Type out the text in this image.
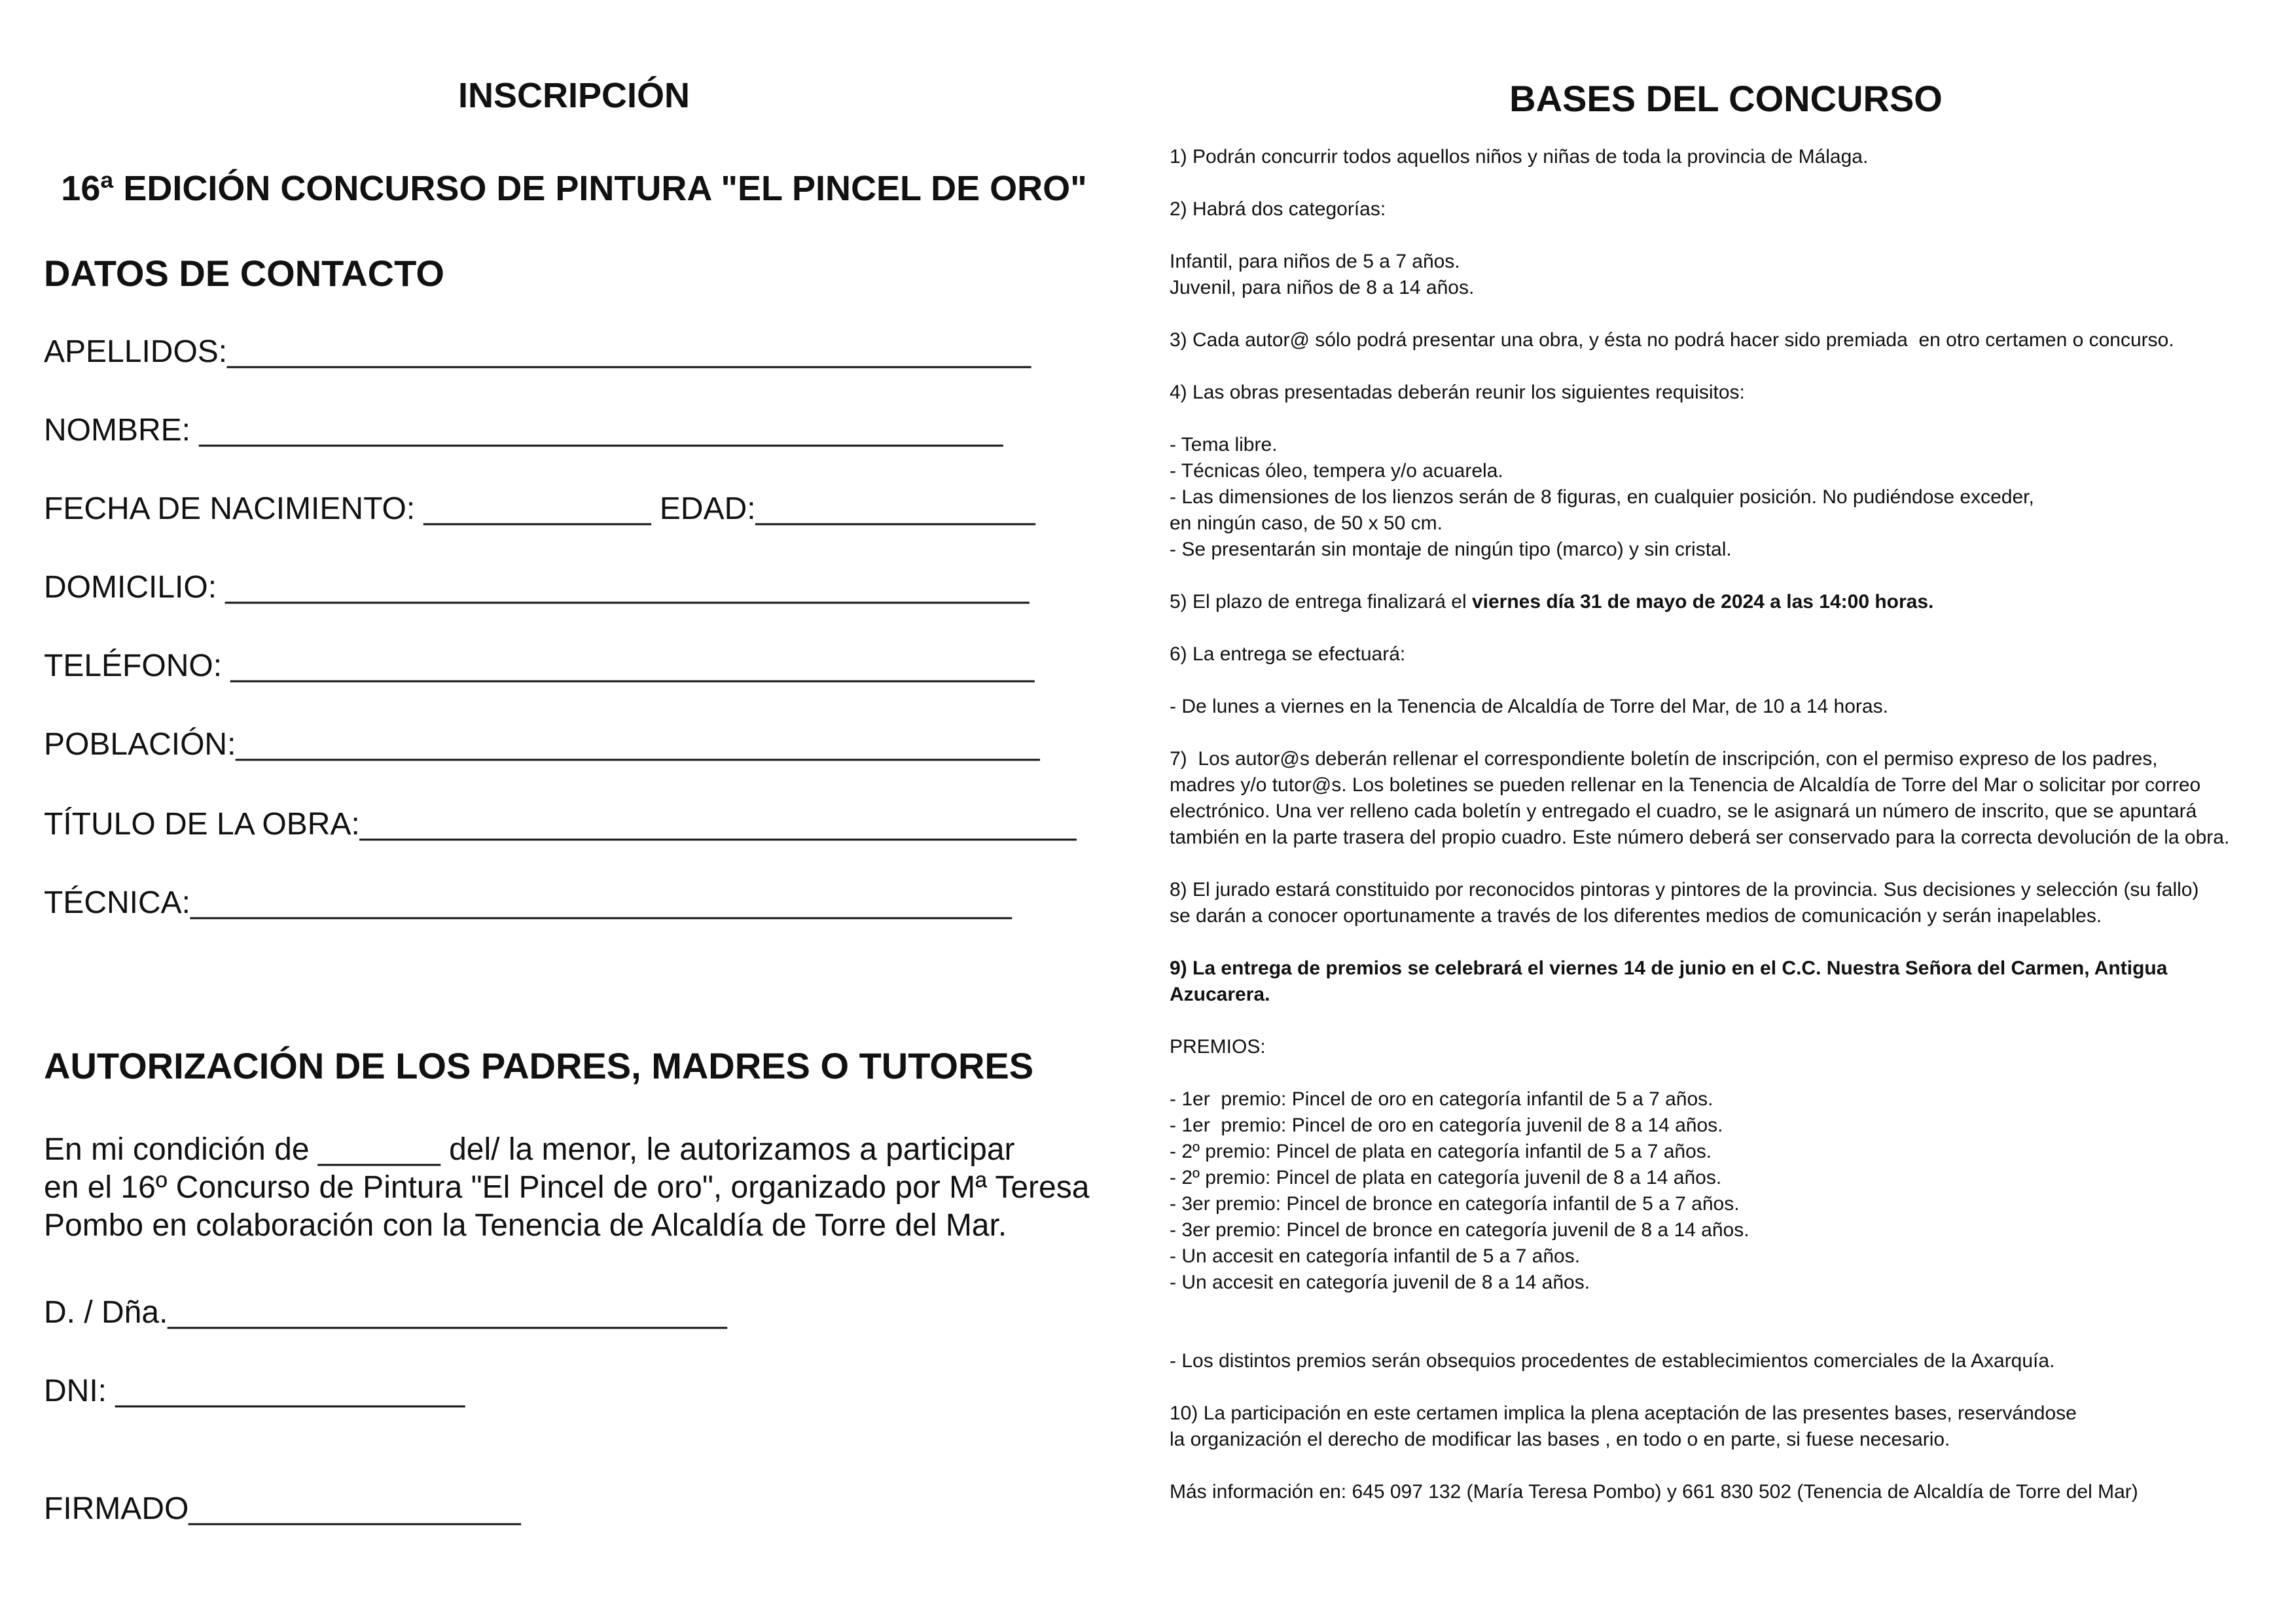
INSCRIPCIÓN
16ª EDICIÓN CONCURSO DE PINTURA "EL PINCEL DE ORO"
DATOS DE CONTACTO
APELLIDOS:______________________________________________
NOMBRE: ______________________________________________
FECHA DE NACIMIENTO: _____________ EDAD:________________
DOMICILIO: ______________________________________________
TELÉFONO: ______________________________________________
POBLACIÓN:______________________________________________
TÍTULO DE LA OBRA:_________________________________________
TÉCNICA:_______________________________________________
AUTORIZACIÓN DE LOS PADRES, MADRES O TUTORES
En mi condición de _______ del/ la menor, le autorizamos a participar
en el 16º Concurso de Pintura "El Pincel de oro", organizado por Mª Teresa
Pombo en colaboración con la Tenencia de Alcaldía de Torre del Mar.
D. / Dña.________________________________
DNI: ____________________
FIRMADO___________________
BASES DEL CONCURSO
1) Podrán concurrir todos aquellos niños y niñas de toda la provincia de Málaga.
2) Habrá dos categorías:
Infantil, para niños de 5 a 7 años.
Juvenil, para niños de 8 a 14 años.
3) Cada autor@ sólo podrá presentar una obra, y ésta no podrá hacer sido premiada  en otro certamen o concurso.
4) Las obras presentadas deberán reunir los siguientes requisitos:
- Tema libre.
- Técnicas óleo, tempera y/o acuarela.
- Las dimensiones de los lienzos serán de 8 figuras, en cualquier posición. No pudiéndose exceder,
en ningún caso, de 50 x 50 cm.
- Se presentarán sin montaje de ningún tipo (marco) y sin cristal.
5) El plazo de entrega finalizará el viernes día 31 de mayo de 2024 a las 14:00 horas.
6) La entrega se efectuará:
- De lunes a viernes en la Tenencia de Alcaldía de Torre del Mar, de 10 a 14 horas.
7)  Los autor@s deberán rellenar el correspondiente boletín de inscripción, con el permiso expreso de los padres,
madres y/o tutor@s. Los boletines se pueden rellenar en la Tenencia de Alcaldía de Torre del Mar o solicitar por correo
electrónico. Una ver relleno cada boletín y entregado el cuadro, se le asignará un número de inscrito, que se apuntará
también en la parte trasera del propio cuadro. Este número deberá ser conservado para la correcta devolución de la obra.
8) El jurado estará constituido por reconocidos pintoras y pintores de la provincia. Sus decisiones y selección (su fallo)
se darán a conocer oportunamente a través de los diferentes medios de comunicación y serán inapelables.
9) La entrega de premios se celebrará el viernes 14 de junio en el C.C. Nuestra Señora del Carmen, Antigua
Azucarera.
PREMIOS:
- 1er  premio: Pincel de oro en categoría infantil de 5 a 7 años.
- 1er  premio: Pincel de oro en categoría juvenil de 8 a 14 años.
- 2º premio: Pincel de plata en categoría infantil de 5 a 7 años.
- 2º premio: Pincel de plata en categoría juvenil de 8 a 14 años.
- 3er premio: Pincel de bronce en categoría infantil de 5 a 7 años.
- 3er premio: Pincel de bronce en categoría juvenil de 8 a 14 años.
- Un accesit en categoría infantil de 5 a 7 años.
- Un accesit en categoría juvenil de 8 a 14 años.
- Los distintos premios serán obsequios procedentes de establecimientos comerciales de la Axarquía.
10) La participación en este certamen implica la plena aceptación de las presentes bases, reservándose
la organización el derecho de modificar las bases , en todo o en parte, si fuese necesario.
Más información en: 645 097 132 (María Teresa Pombo) y 661 830 502 (Tenencia de Alcaldía de Torre del Mar)
